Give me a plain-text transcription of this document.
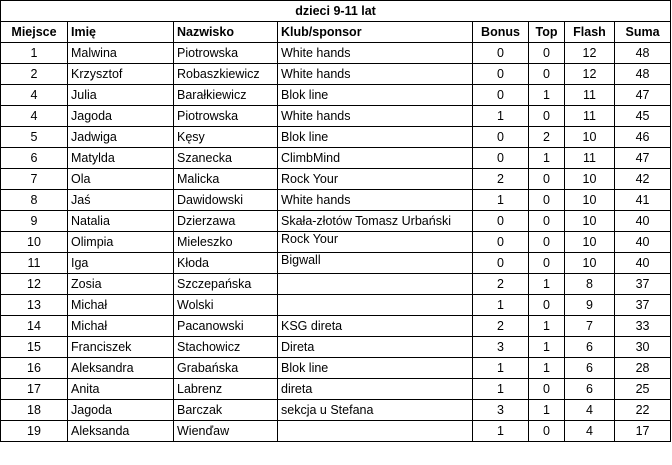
dzieci 9-11 lat							
Miejsce	Imię	Nazwisko	Klub/sponsor	Bonus	Top	Flash	Suma
1	Malwina	Piotrowska	White hands	0	0	12	48
2	Krzysztof	Robaszkiewicz	White hands	0	0	12	48
4	Julia	Barałkiewicz	Blok line	0	1	11	47
4	Jagoda	Piotrowska	White hands	1	0	11	45
5	Jadwiga	Kęsy	Blok line	0	2	10	46
6	Matylda	Szanecka	ClimbMind	0	1	11	47
7	Ola	Malicka	Rock Your	2	0	10	42
8	Jaś	Dawidowski	White hands	1	0	10	41
9	Natalia	Dzierzawa	Skała-złotów Tomasz Urbański	0	0	10	40
10	Olimpia	Mieleszko	Rock Your	0	0	10	40
11	Iga	Kłoda	Bigwall	0	0	10	40
12	Zosia	Szczepańska		2	1	8	37
13	Michał	Wolski		1	0	9	37
14	Michał	Pacanowski	KSG direta	2	1	7	33
15	Franciszek	Stachowicz	Direta	3	1	6	30
16	Aleksandra	Grabańska	Blok line	1	1	6	28
17	Anita	Labrenz	direta	1	0	6	25
18	Jagoda	Barczak	sekcja u Stefana	3	1	4	22
19	Aleksanda	Wienďaw		1	0	4	17
